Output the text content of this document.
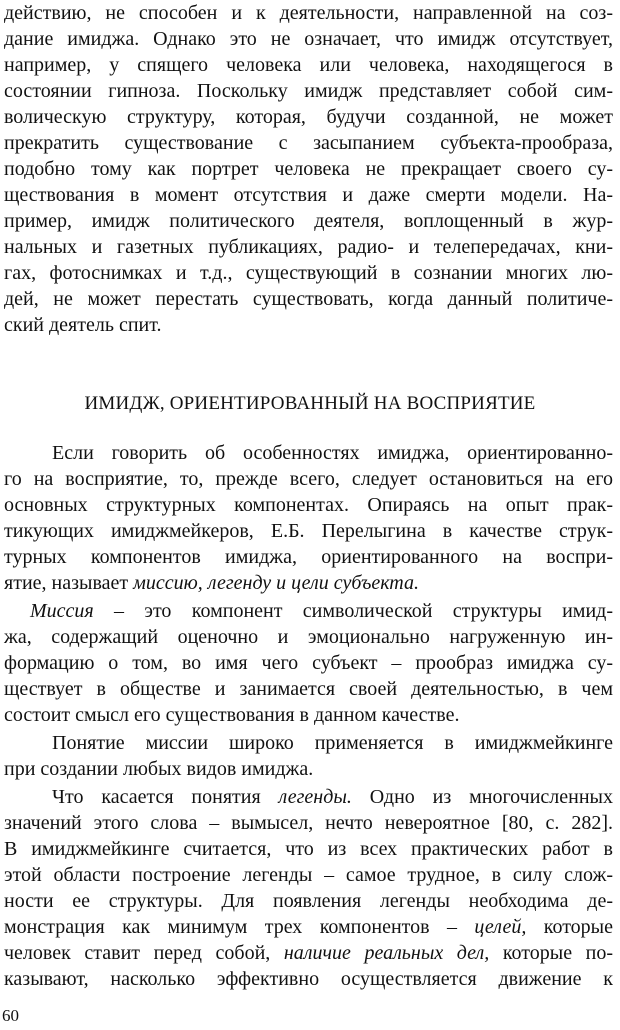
действию, не способен и к деятельности, направленной на соз-
дание имиджа. Однако это не означает, что имидж отсутствует,
например, у спящего человека или человека, находящегося в
состоянии гипноза. Поскольку имидж представляет собой сим-
волическую структуру, которая, будучи созданной, не может
прекратить существование с засыпанием субъекта-прообраза,
подобно тому как портрет человека не прекращает своего су-
ществования в момент отсутствия и даже смерти модели. На-
пример, имидж политического деятеля, воплощенный в жур-
нальных и газетных публикациях, радио- и телепередачах, кни-
гах, фотоснимках и т.д., существующий в сознании многих лю-
дей, не может перестать существовать, когда данный политиче-
ский деятель спит.
ИМИДЖ, ОРИЕНТИРОВАННЫЙ НА ВОСПРИЯТИЕ
Если говорить об особенностях имиджа, ориентированно-
го на восприятие, то, прежде всего, следует остановиться на его
основных структурных компонентах. Опираясь на опыт прак-
тикующих имиджмейкеров, Е.Б. Перелыгина в качестве струк-
турных компонентов имиджа, ориентированного на воспри-
ятие, называет миссию, легенду и цели субъекта.
Миссия – это компонент символической структуры имид-
жа, содержащий оценочно и эмоционально нагруженную ин-
формацию о том, во имя чего субъект – прообраз имиджа су-
ществует в обществе и занимается своей деятельностью, в чем
состоит смысл его существования в данном качестве.
Понятие миссии широко применяется в имиджмейкинге
при создании любых видов имиджа.
Что касается понятия легенды. Одно из многочисленных
значений этого слова – вымысел, нечто невероятное [80, с. 282].
В имиджмейкинге считается, что из всех практических работ в
этой области построение легенды – самое трудное, в силу слож-
ности ее структуры. Для появления легенды необходима де-
монстрация как минимум трех компонентов – целей, которые
человек ставит перед собой, наличие реальных дел, которые по-
казывают, насколько эффективно осуществляется движение к
60
